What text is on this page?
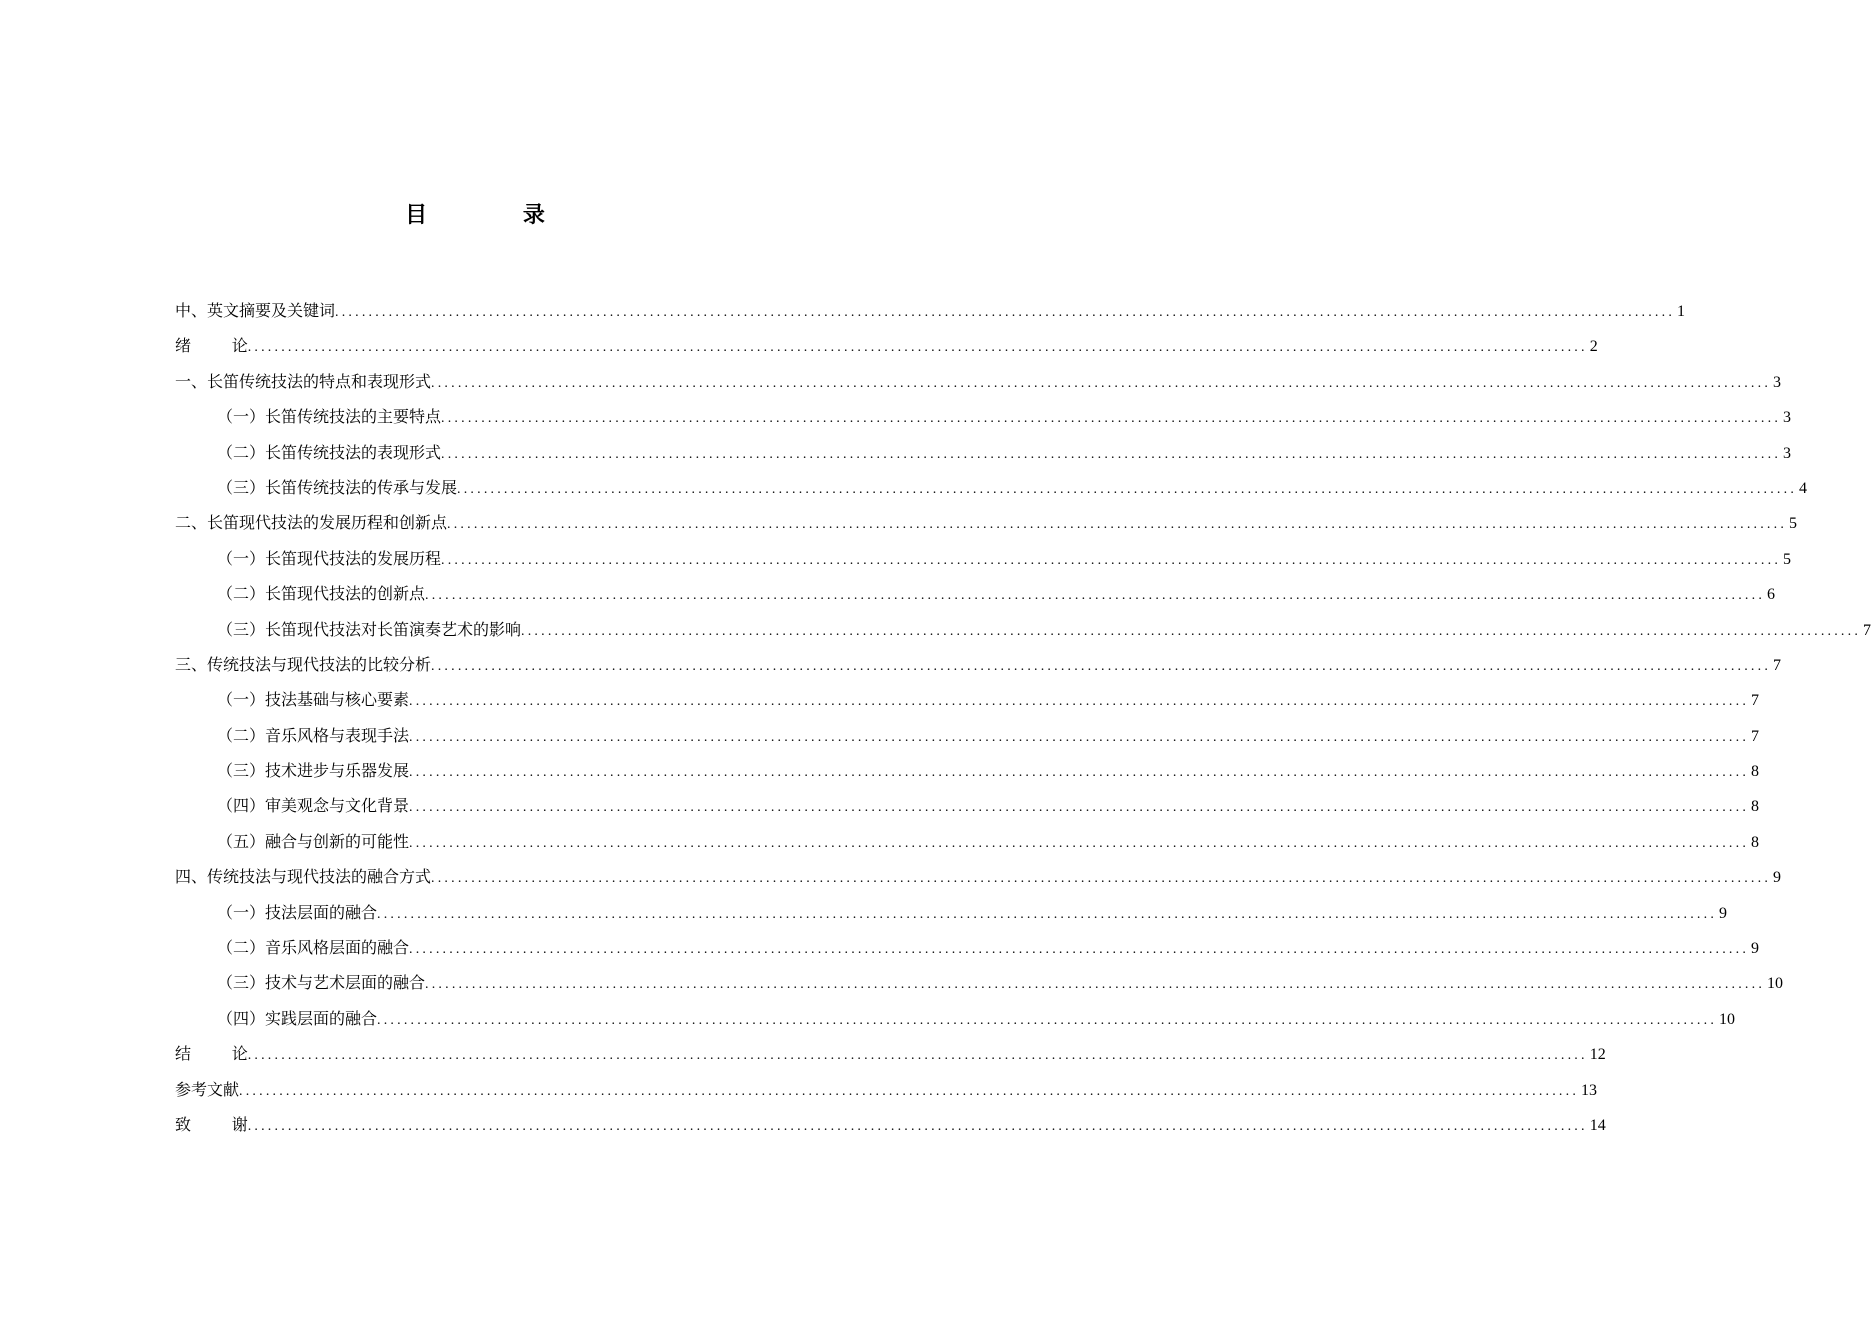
目 录
中、英文摘要及关键词 ........................................................................................................................................................................................................ 1
绪        论 ........................................................................................................................................................................................................ 2
一、长笛传统技法的特点和表现形式 ........................................................................................................................................................................................................ 3
（一）长笛传统技法的主要特点 ........................................................................................................................................................................................................ 3
（二）长笛传统技法的表现形式 ........................................................................................................................................................................................................ 3
（三）长笛传统技法的传承与发展 ........................................................................................................................................................................................................ 4
二、长笛现代技法的发展历程和创新点 ........................................................................................................................................................................................................ 5
（一）长笛现代技法的发展历程 ........................................................................................................................................................................................................ 5
（二）长笛现代技法的创新点 ........................................................................................................................................................................................................ 6
（三）长笛现代技法对长笛演奏艺术的影响 ........................................................................................................................................................................................................ 7
三、传统技法与现代技法的比较分析 ........................................................................................................................................................................................................ 7
（一）技法基础与核心要素 ........................................................................................................................................................................................................ 7
（二）音乐风格与表现手法 ........................................................................................................................................................................................................ 7
（三）技术进步与乐器发展 ........................................................................................................................................................................................................ 8
（四）审美观念与文化背景 ........................................................................................................................................................................................................ 8
（五）融合与创新的可能性 ........................................................................................................................................................................................................ 8
四、传统技法与现代技法的融合方式 ........................................................................................................................................................................................................ 9
（一）技法层面的融合 ........................................................................................................................................................................................................ 9
（二）音乐风格层面的融合 ........................................................................................................................................................................................................ 9
（三）技术与艺术层面的融合 ........................................................................................................................................................................................................ 10
（四）实践层面的融合 ........................................................................................................................................................................................................ 10
结        论 ........................................................................................................................................................................................................ 12
参考文献 ........................................................................................................................................................................................................ 13
致        谢 ........................................................................................................................................................................................................ 14
